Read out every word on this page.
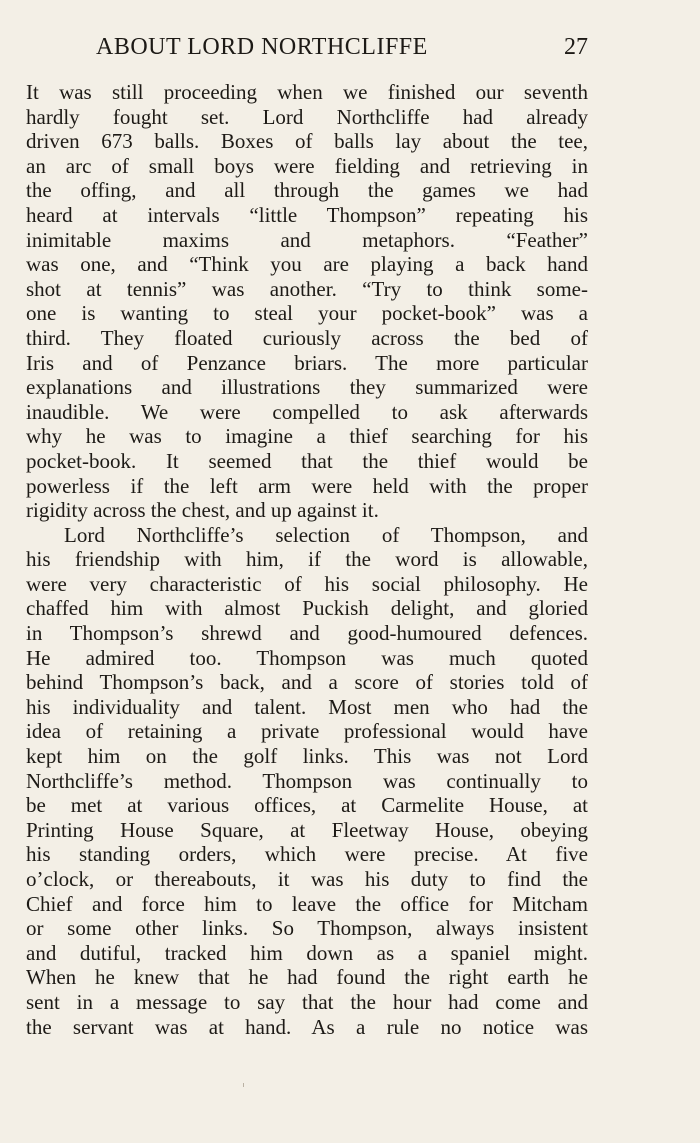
ABOUT LORD NORTHCLIFFE	27
It was still proceeding when we finished our seventh
hardly fought set. Lord Northcliffe had already
driven 673 balls. Boxes of balls lay about the tee,
an arc of small boys were fielding and retrieving in
the offing, and all through the games we had
heard at intervals “little Thompson” repeating his
inimitable maxims and metaphors. “Feather”
was one, and “Think you are playing a back hand
shot at tennis” was another. “Try to think some-
one is wanting to steal your pocket-book” was a
third. They floated curiously across the bed of
Iris and of Penzance briars. The more particular
explanations and illustrations they summarized were
inaudible. We were compelled to ask afterwards
why he was to imagine a thief searching for his
pocket-book. It seemed that the thief would be
powerless if the left arm were held with the proper
rigidity across the chest, and up against it.
Lord Northcliffe’s selection of Thompson, and
his friendship with him, if the word is allowable,
were very characteristic of his social philosophy. He
chaffed him with almost Puckish delight, and gloried
in Thompson’s shrewd and good-humoured defences.
He admired too. Thompson was much quoted
behind Thompson’s back, and a score of stories told of
his individuality and talent. Most men who had the
idea of retaining a private professional would have
kept him on the golf links. This was not Lord
Northcliffe’s method. Thompson was continually to
be met at various offices, at Carmelite House, at
Printing House Square, at Fleetway House, obeying
his standing orders, which were precise. At five
o’clock, or thereabouts, it was his duty to find the
Chief and force him to leave the office for Mitcham
or some other links. So Thompson, always insistent
and dutiful, tracked him down as a spaniel might.
When he knew that he had found the right earth he
sent in a message to say that the hour had come and
the servant was at hand. As a rule no notice was
